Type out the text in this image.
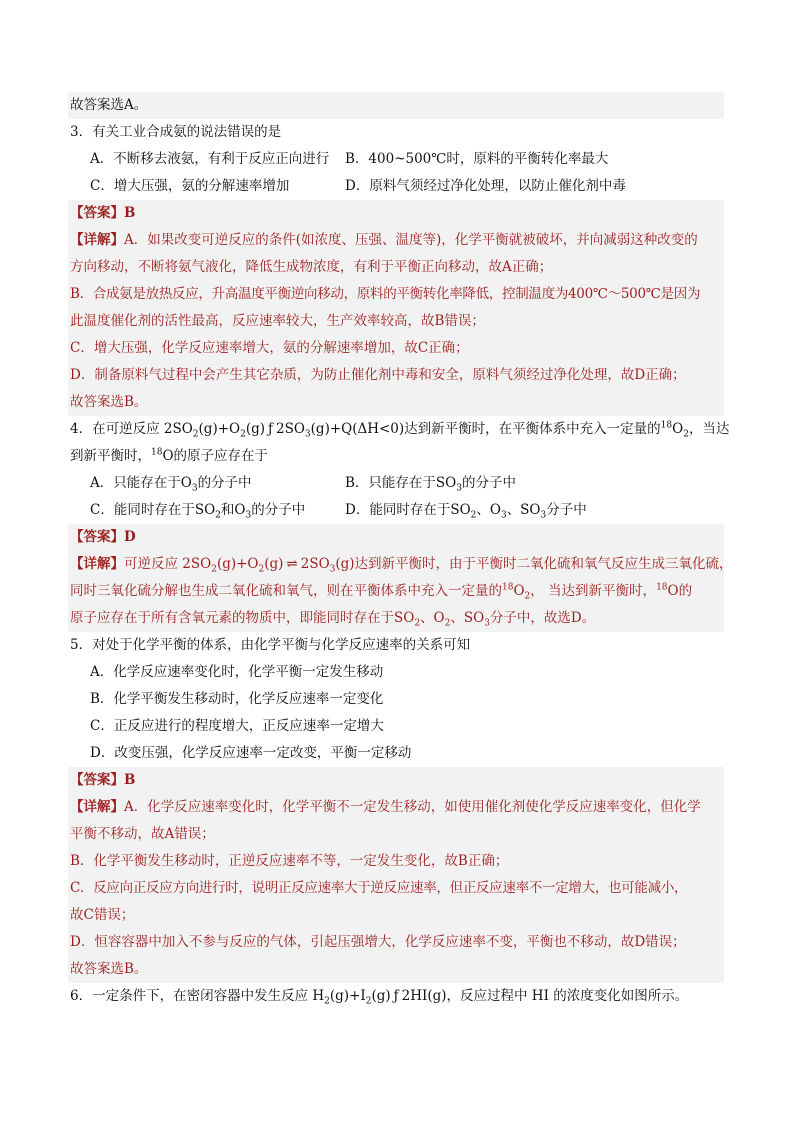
故答案选A。
3．有关工业合成氨的说法错误的是
A．不断移去液氨，有利于反应正向进行 B．400~500℃时，原料的平衡转化率最大
C．增大压强，氨的分解速率增加	D．原料气须经过净化处理，以防止催化剂中毒
【答案】B
【详解】A．如果改变可逆反应的条件(如浓度、压强、温度等)，化学平衡就被破坏，并向减弱这种改变的
方向移动，不断将氨气液化，降低生成物浓度，有利于平衡正向移动，故A正确；
B．合成氨是放热反应，升高温度平衡逆向移动，原料的平衡转化率降低，控制温度为400℃～500℃是因为
此温度催化剂的活性最高，反应速率较大，生产效率较高，故B错误；
C．增大压强，化学反应速率增大，氨的分解速率增加，故C正确；
D．制备原料气过程中会产生其它杂质，为防止催化剂中毒和安全，原料气须经过净化处理，故D正确；
故答案选B。
4．在可逆反应 $2SO_2(g)+O_2(g)$ ƒ $2SO_3(g)+Q(\Delta H<0)$达到新平衡时，在平衡体系中充入一定量的$^{18}O_2$，当达
到新平衡时，$^{18}$O的原子应存在于
A．只能存在于$O_3$的分子中	B．只能存在于$SO_3$的分子中
C．能同时存在于$SO_2$和$O_3$的分子中	D．能同时存在于$SO_2$、$O_3$、$SO_3$分子中
【答案】D
【详解】可逆反应 $2SO_2(g)+O_2(g)$ ⇌ $2SO_3(g)$达到新平衡时，由于平衡时二氧化硫和氧气反应生成三氧化硫，
同时三氧化硫分解也生成二氧化硫和氧气，则在平衡体系中充入一定量的$^{18}O_2$， 当达到新平衡时，$^{18}$O的
原子应存在于所有含氧元素的物质中，即能同时存在于$SO_2$、$O_2$、$SO_3$分子中，故选D。
5．对处于化学平衡的体系，由化学平衡与化学反应速率的关系可知
A．化学反应速率变化时，化学平衡一定发生移动
B．化学平衡发生移动时，化学反应速率一定变化
C．正反应进行的程度增大，正反应速率一定增大
D．改变压强，化学反应速率一定改变，平衡一定移动
【答案】B
【详解】A．化学反应速率变化时，化学平衡不一定发生移动，如使用催化剂使化学反应速率变化，但化学
平衡不移动，故A错误；
B．化学平衡发生移动时，正逆反应速率不等，一定发生变化，故B正确；
C．反应向正反应方向进行时，说明正反应速率大于逆反应速率，但正反应速率不一定增大，也可能减小，
故C错误；
D．恒容容器中加入不参与反应的气体，引起压强增大，化学反应速率不变，平衡也不移动，故D错误；
故答案选B。
6．一定条件下，在密闭容器中发生反应 $H_2(g)+I_2(g)$ ƒ 2HI(g)，反应过程中 HI 的浓度变化如图所示。
